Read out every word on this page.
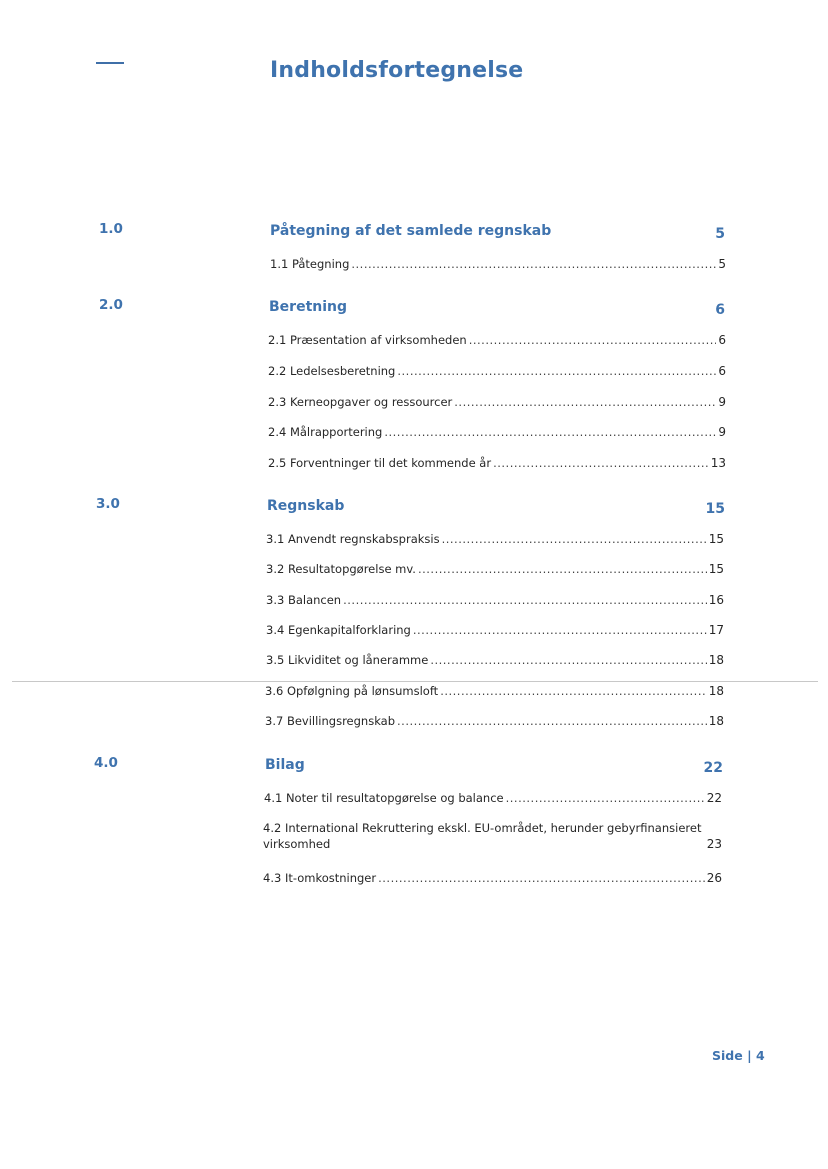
Indholdsfortegnelse
1.0	Påtegning af det samlede regnskab	5
1.1 Påtegning .....	5
2.0	Beretning	6
2.1 Præsentation af virksomheden .....	6
2.2 Ledelsesberetning .....	6
2.3 Kerneopgaver og ressourcer .....	9
2.4 Målrapportering .....	9
2.5 Forventninger til det kommende år .....	13
3.0	Regnskab	15
3.1 Anvendt regnskabspraksis .....	15
3.2 Resultatopgørelse mv. .....	15
3.3 Balancen .....	16
3.4 Egenkapitalforklaring .....	17
3.5 Likviditet og låneramme .....	18
3.6 Opfølgning på lønsumsloft .....	18
3.7 Bevillingsregnskab .....	18
4.0	Bilag	22
4.1 Noter til resultatopgørelse og balance .....	22
4.2 International Rekruttering ekskl. EU-området, herunder gebyrfinansieret
virksomhed	23
4.3 It-omkostninger .....	26
Side | 4
